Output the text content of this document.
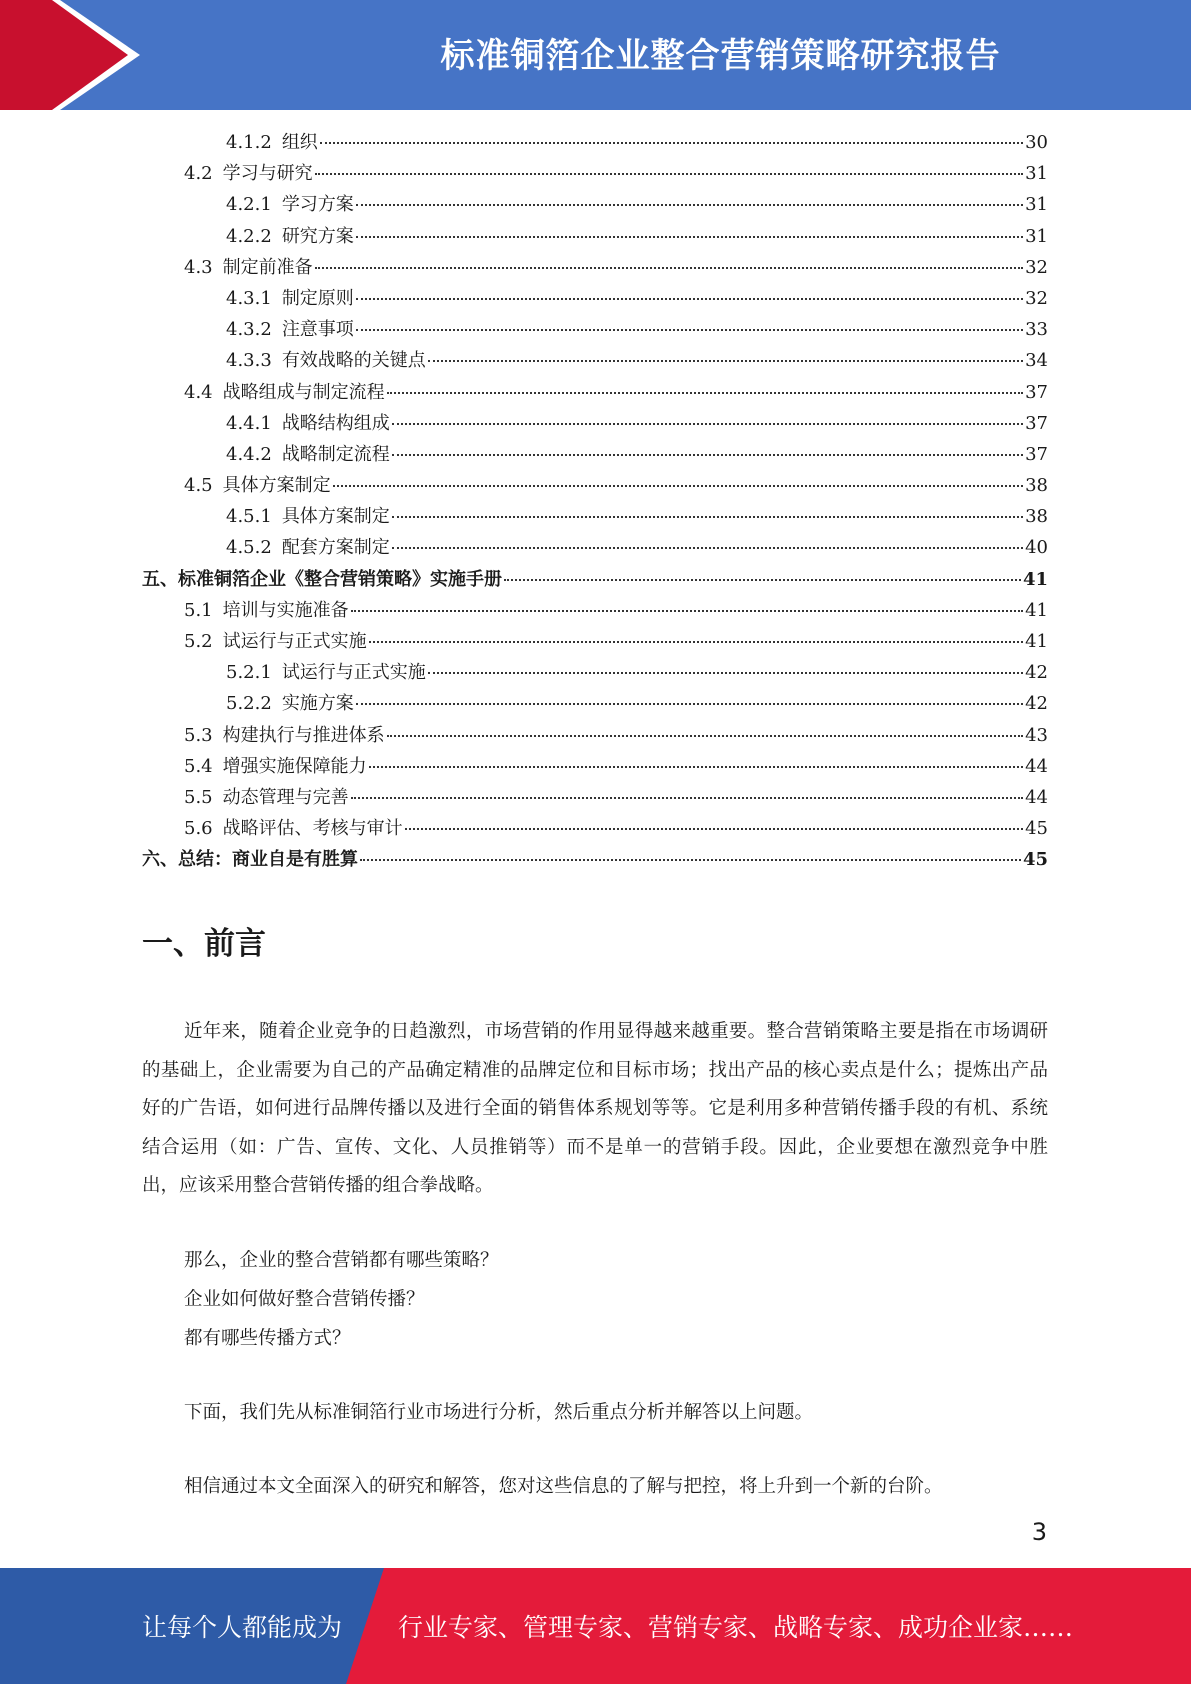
标准铜箔企业整合营销策略研究报告
4.1.2 组织	30
4.2 学习与研究	31
4.2.1 学习方案	31
4.2.2 研究方案	31
4.3 制定前准备	32
4.3.1 制定原则	32
4.3.2 注意事项	33
4.3.3 有效战略的关键点	34
4.4 战略组成与制定流程	37
4.4.1 战略结构组成	37
4.4.2 战略制定流程	37
4.5 具体方案制定	38
4.5.1 具体方案制定	38
4.5.2 配套方案制定	40
五、标准铜箔企业《整合营销策略》实施手册	41
5.1 培训与实施准备	41
5.2 试运行与正式实施	41
5.2.1 试运行与正式实施	42
5.2.2 实施方案	42
5.3 构建执行与推进体系	43
5.4 增强实施保障能力	44
5.5 动态管理与完善	44
5.6 战略评估、考核与审计	45
六、总结：商业自是有胜算	45
一、前言
近年来，随着企业竞争的日趋激烈，市场营销的作用显得越来越重要。整合营销策略主要是指在市场调研的基础上，企业需要为自己的产品确定精准的品牌定位和目标市场；找出产品的核心卖点是什么；提炼出产品好的广告语，如何进行品牌传播以及进行全面的销售体系规划等等。它是利用多种营销传播手段的有机、系统结合运用（如：广告、宣传、文化、人员推销等）而不是单一的营销手段。因此，企业要想在激烈竞争中胜出，应该采用整合营销传播的组合拳战略。
那么，企业的整合营销都有哪些策略？
企业如何做好整合营销传播？
都有哪些传播方式？
下面，我们先从标准铜箔行业市场进行分析，然后重点分析并解答以上问题。
相信通过本文全面深入的研究和解答，您对这些信息的了解与把控，将上升到一个新的台阶。
3
让每个人都能成为 行业专家、管理专家、营销专家、战略专家、成功企业家……
